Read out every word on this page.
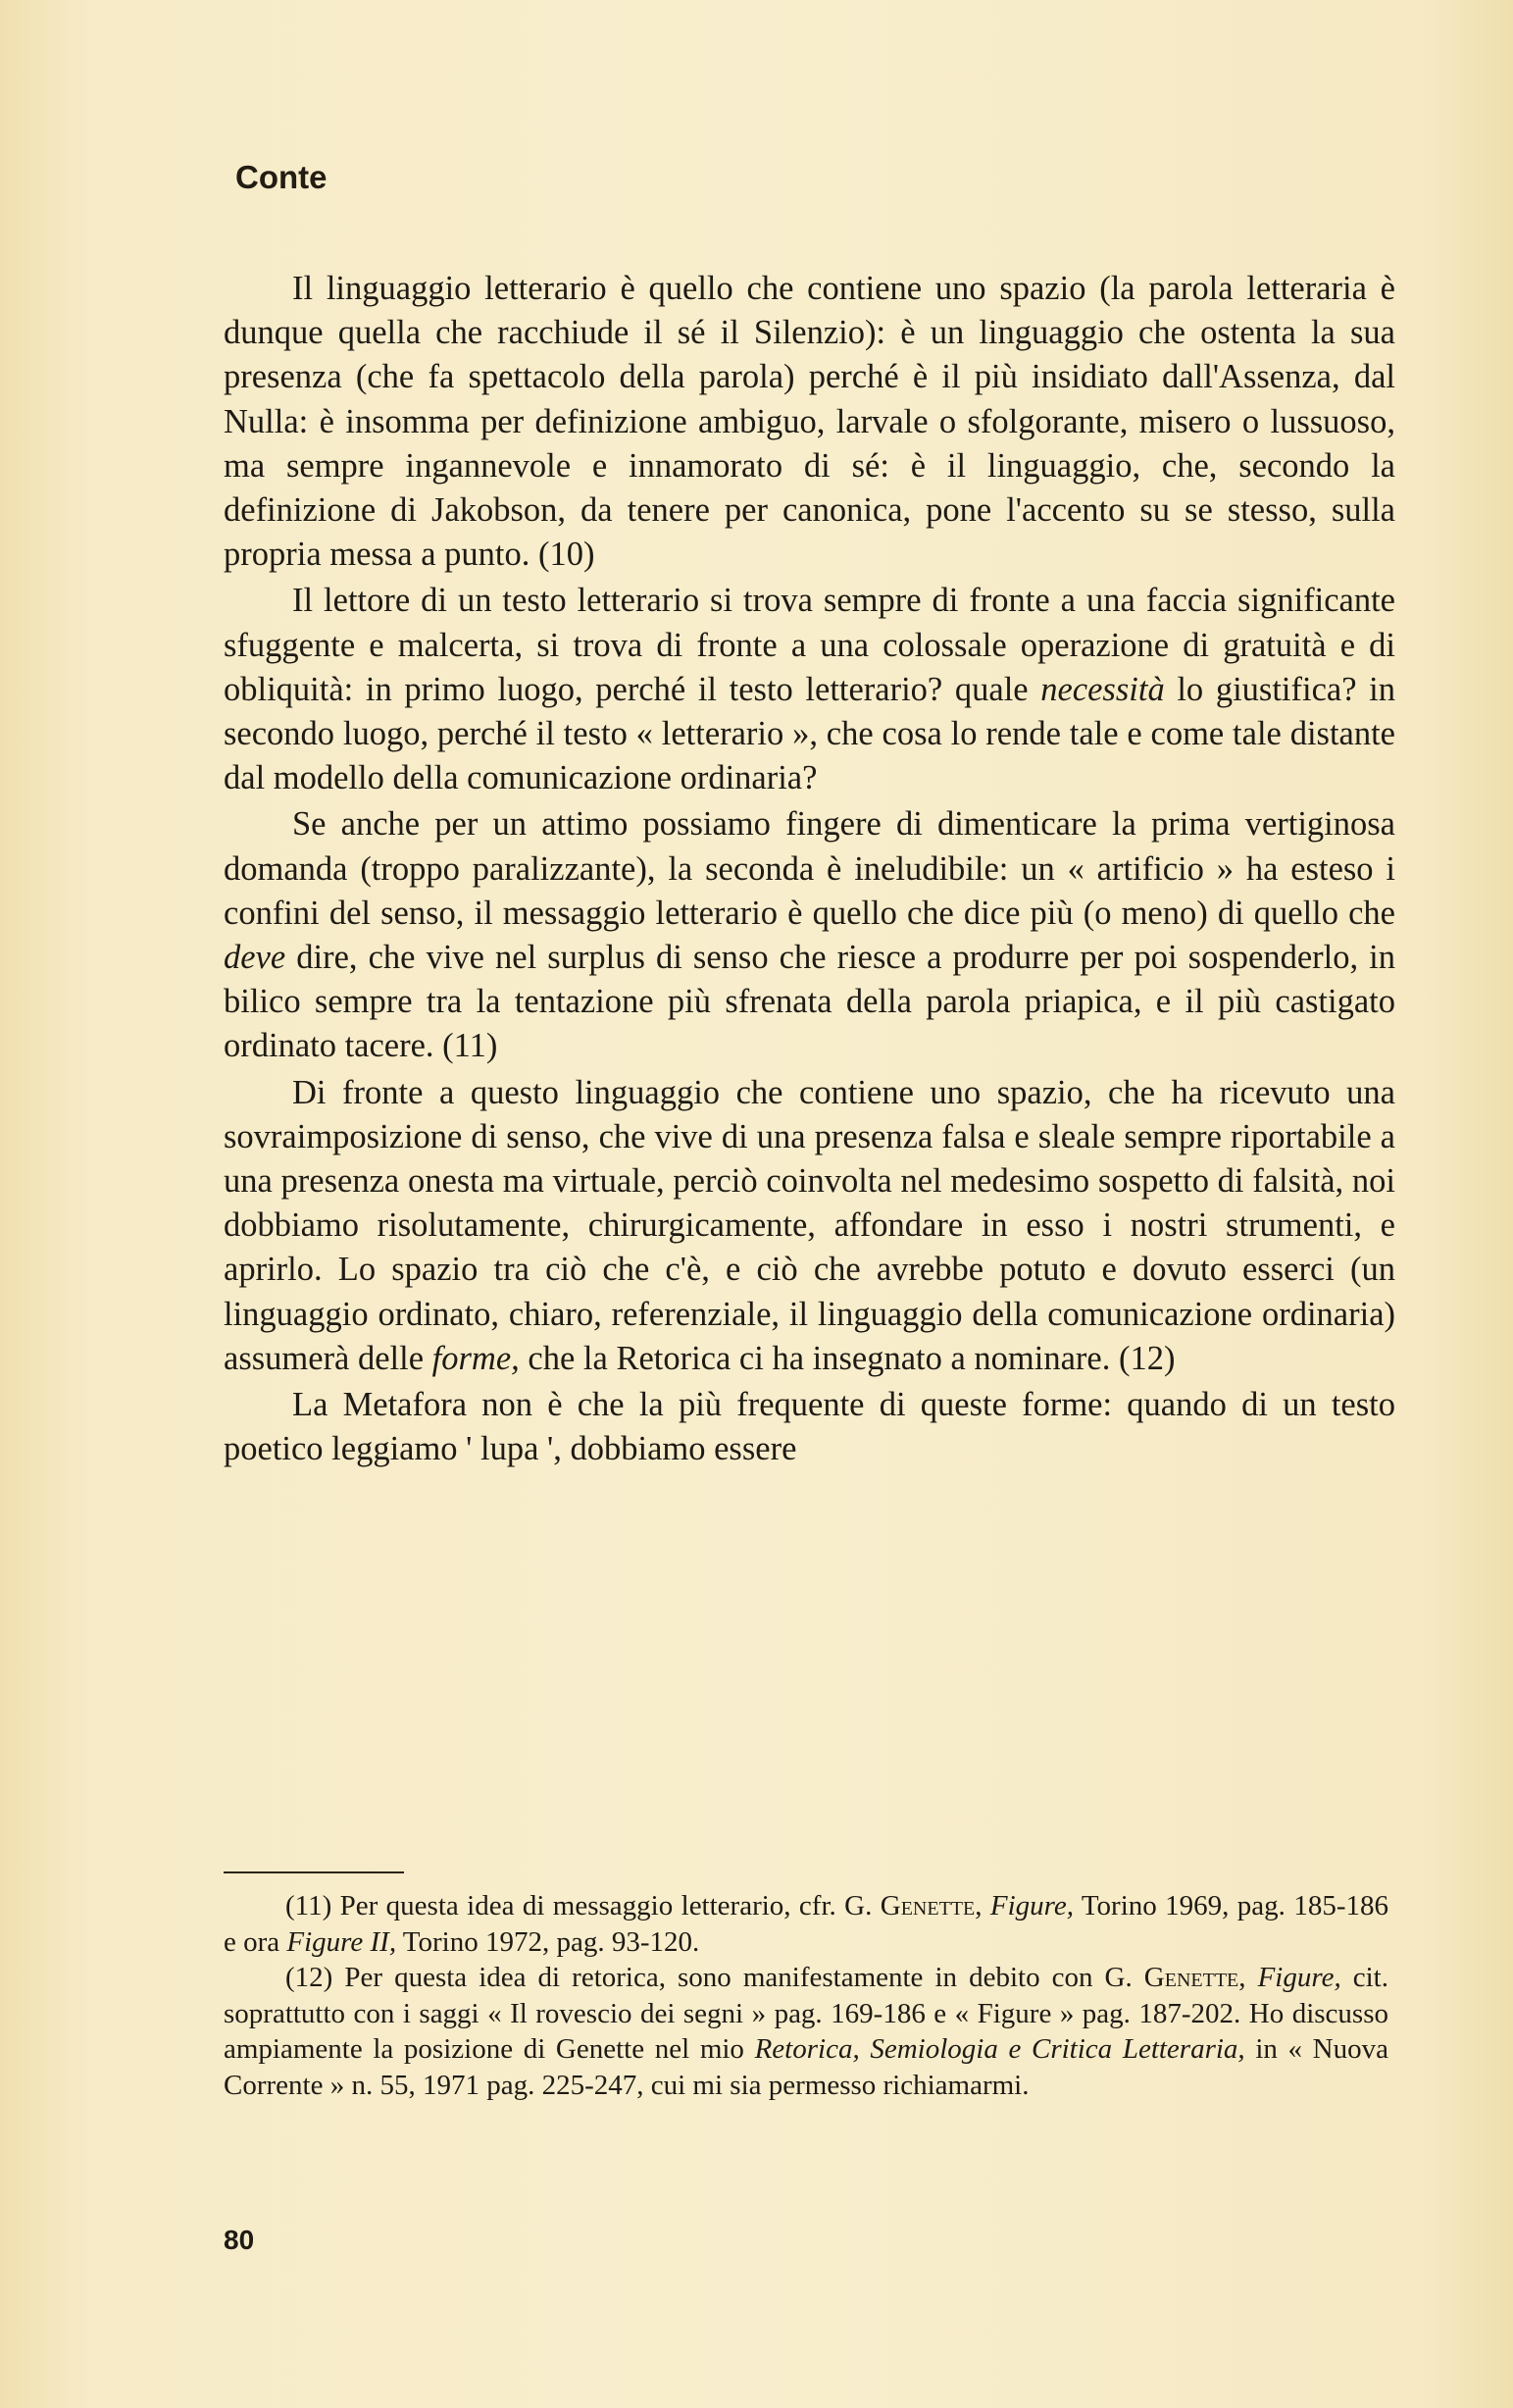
Conte

Il linguaggio letterario è quello che contiene uno spazio (la parola letteraria è dunque quella che racchiude il sé il Silenzio): è un linguaggio che ostenta la sua presenza (che fa spettacolo della parola) perché è il più insidiato dall'Assenza, dal Nulla: è insomma per definizione ambiguo, larvale o sfolgorante, misero o lussuoso, ma sempre ingannevole e innamorato di sé: è il linguaggio, che, secondo la definizione di Jakobson, da tenere per canonica, pone l'accento su se stesso, sulla propria messa a punto. (10)

Il lettore di un testo letterario si trova sempre di fronte a una faccia significante sfuggente e malcerta, si trova di fronte a una colossale operazione di gratuità e di obliquità: in primo luogo, perché il testo letterario? quale necessità lo giustifica? in secondo luogo, perché il testo « letterario », che cosa lo rende tale e come tale distante dal modello della comunicazione ordinaria?

Se anche per un attimo possiamo fingere di dimenticare la prima vertiginosa domanda (troppo paralizzante), la seconda è ineludibile: un « artificio » ha esteso i confini del senso, il messaggio letterario è quello che dice più (o meno) di quello che deve dire, che vive nel surplus di senso che riesce a produrre per poi sospenderlo, in bilico sempre tra la tentazione più sfrenata della parola priapica, e il più castigato ordinato tacere. (11)

Di fronte a questo linguaggio che contiene uno spazio, che ha ricevuto una sovraimposizione di senso, che vive di una presenza falsa e sleale sempre riportabile a una presenza onesta ma virtuale, perciò coinvolta nel medesimo sospetto di falsità, noi dobbiamo risolutamente, chirurgicamente, affondare in esso i nostri strumenti, e aprirlo. Lo spazio tra ciò che c'è, e ciò che avrebbe potuto e dovuto esserci (un linguaggio ordinato, chiaro, referenziale, il linguaggio della comunicazione ordinaria) assumerà delle forme, che la Retorica ci ha insegnato a nominare. (12)

La Metafora non è che la più frequente di queste forme: quando di un testo poetico leggiamo ' lupa ', dobbiamo essere

(11) Per questa idea di messaggio letterario, cfr. G. Genette, Figure, Torino 1969, pag. 185-186 e ora Figure II, Torino 1972, pag. 93-120.

(12) Per questa idea di retorica, sono manifestamente in debito con G. Genette, Figure, cit. soprattutto con i saggi « Il rovescio dei segni » pag. 169-186 e « Figure » pag. 187-202. Ho discusso ampiamente la posizione di Genette nel mio Retorica, Semiologia e Critica Letteraria, in « Nuova Corrente » n. 55, 1971 pag. 225-247, cui mi sia permesso richiamarmi.

80
